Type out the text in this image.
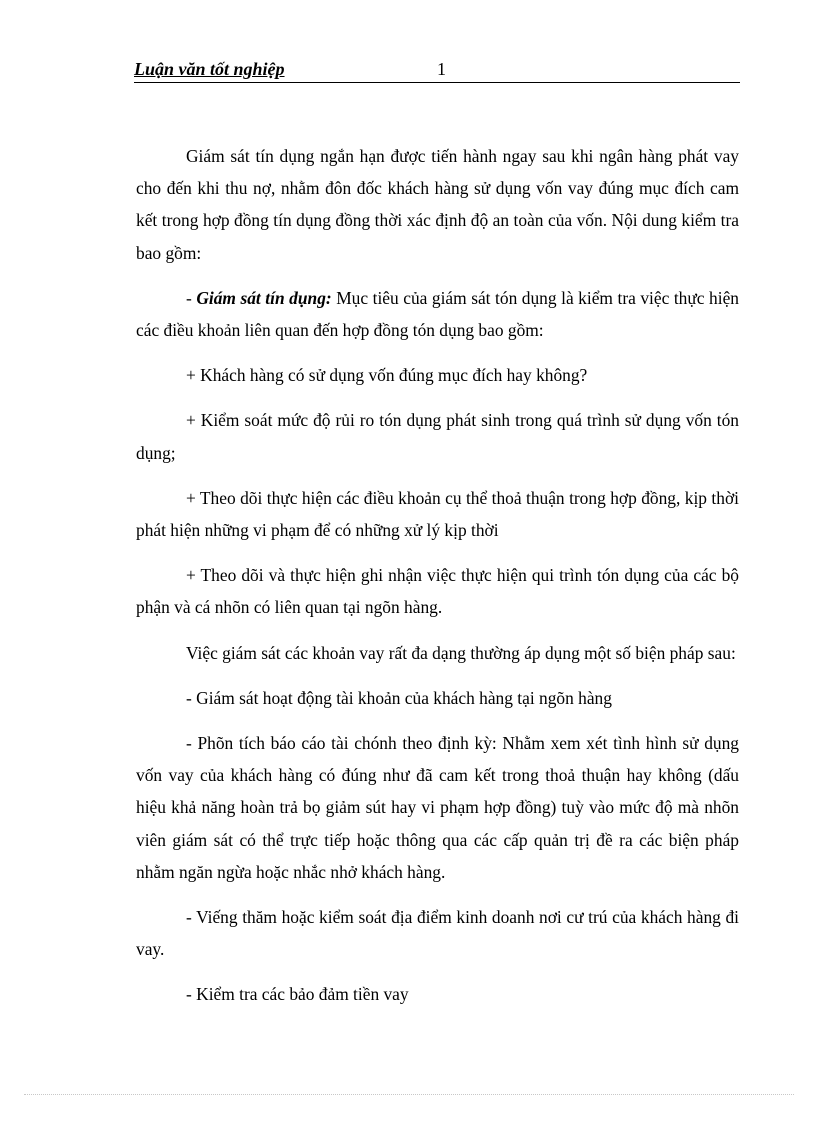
Luận văn tốt nghiệp	1

Giám sát tín dụng ngắn hạn được tiến hành ngay sau khi ngân hàng phát vay cho đến khi thu nợ, nhằm đôn đốc khách hàng sử dụng vốn vay đúng mục đích cam kết trong hợp đồng tín dụng đồng thời xác định độ an toàn của vốn. Nội dung kiểm tra bao gồm:

- Giám sát tín dụng: Mục tiêu của giám sát tón dụng là kiểm tra việc thực hiện các điều khoản liên quan đến hợp đồng tón dụng bao gồm:

+ Khách hàng có sử dụng vốn đúng mục đích hay không?

+ Kiểm soát mức độ rủi ro tón dụng phát sinh trong quá trình sử dụng vốn tón dụng;

+ Theo dõi thực hiện các điều khoản cụ thể thoả thuận trong hợp đồng, kịp thời phát hiện những vi phạm để có những xử lý kịp thời

+ Theo dõi và thực hiện ghi nhận việc thực hiện qui trình tón dụng của các bộ phận và cá nhõn có liên quan tại ngõn hàng.

Việc giám sát các khoản vay rất đa dạng thường áp dụng một số biện pháp sau:

- Giám sát hoạt động tài khoản của khách hàng tại ngõn hàng

- Phõn tích báo cáo tài chónh theo định kỳ: Nhằm xem xét tình hình sử dụng vốn vay của khách hàng có đúng như đã cam kết trong thoả thuận hay không (dấu hiệu khả năng hoàn trả bọ giảm sút hay vi phạm hợp đồng) tuỳ vào mức độ mà nhõn viên giám sát có thể trực tiếp hoặc thông qua các cấp quản trị đề ra các biện pháp nhằm ngăn ngừa hoặc nhắc nhở khách hàng.

- Viếng thăm hoặc kiểm soát địa điểm kinh doanh nơi cư trú của khách hàng đi vay.

- Kiểm tra các bảo đảm tiền vay
